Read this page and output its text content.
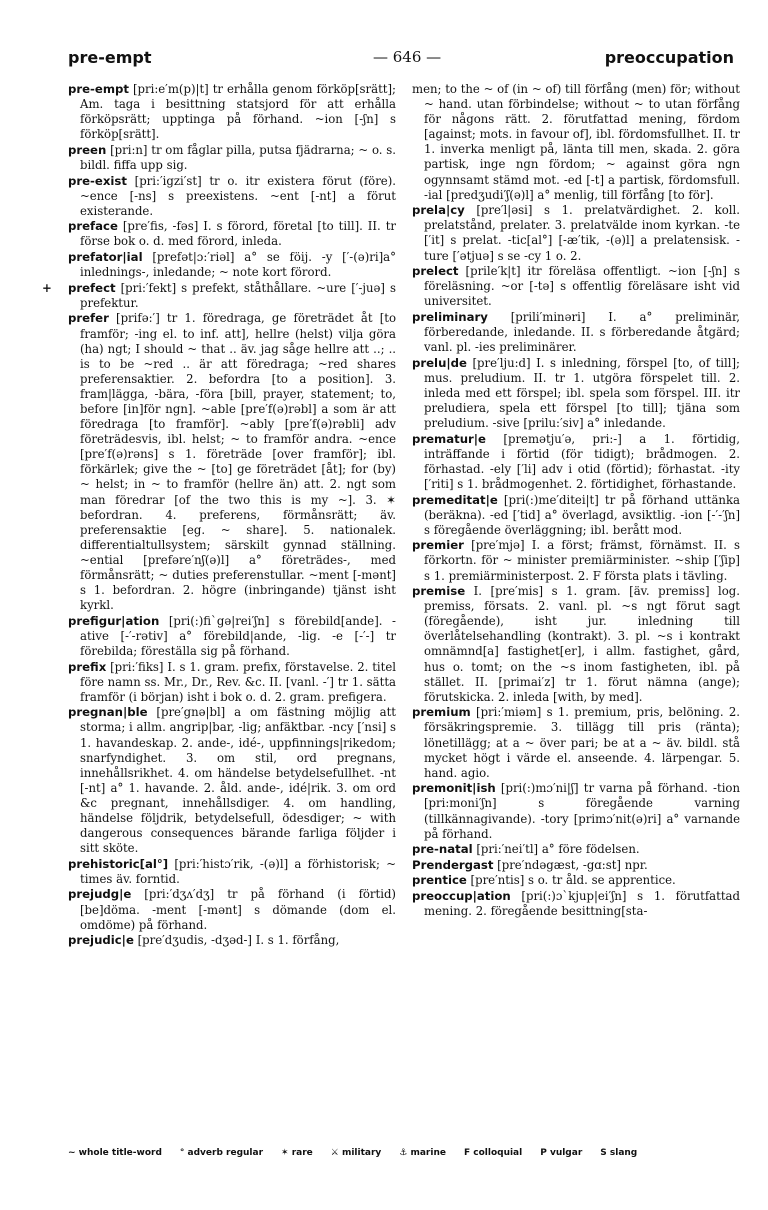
pre-empt	— 646 —	preoccupation

pre-empt [pri:e′m(p)|t] tr erhålla genom förköp[srätt]; Am. taga i besittning statsjord för att erhålla förköpsrätt; upptinga på förhand. ~ion [-ʃn] s förköp[srätt].

preen [pri:n] tr om fåglar pilla, putsa fjädrarna; ~ o. s. bildl. fiffa upp sig.

pre-exist [pri:′igzi′st] tr o. itr existera förut (före). ~ence [-ns] s preexistens. ~ent [-nt] a förut existerande.

preface [pre′fis, -fəs] I. s förord, företal [to till]. II. tr förse bok o. d. med förord, inleda.

prefator|ial [prefət|ɔ:′riəl] a° se föij. -y [′-(ə)ri]a° inlednings-, inledande; ~ note kort förord.

+ prefect [pri:′fekt] s prefekt, ståthållare. ~ure [′-juə] s prefektur.

prefer [prifə:′] tr 1. föredraga, ge företrädet åt [to framför; -ing el. to inf. att], hellre (helst) vilja göra (ha) ngt; I should ~ that .. äv. jag såge hellre att ..; .. is to be ~red .. är att föredraga; ~red shares preferensaktier. 2. befordra [to a position]. 3. fram|lägga, -bära, -föra [bill, prayer, statement; to, before [in]för ngn]. ~able [pre′f(ə)rəbl] a som är att föredraga [to framför]. ~ably [pre′f(ə)rəbli] adv företrädesvis, ibl. helst; ~ to framför andra. ~ence [pre′f(ə)rəns] s 1. företräde [over framför]; ibl. förkärlek; give the ~ [to] ge företrädet [åt]; for (by) ~ helst; in ~ to framför (hellre än) att. 2. ngt som man föredrar [of the two this is my ~]. 3. ✶ befordran. 4. preferens, förmånsrätt; äv. preferensaktie [eg. ~ share]. 5. nationalek. differentialtullsystem; särskilt gynnad ställning. ~ential [prefəre′nʃ(ə)l] a° företrädes-, med förmånsrätt; ~ duties preferenstullar. ~ment [-mənt] s 1. befordran. 2. högre (inbringande) tjänst isht kyrkl.

prefigur|ation [pri(:)fi`gə|rei′ʃn] s förebild[ande]. -ative [-′-rətiv] a° förebild|ande, -lig. -e [-′-] tr förebilda; föreställa sig på förhand.

prefix [pri:′fiks] I. s 1. gram. prefix, förstavelse. 2. titel före namn ss. Mr., Dr., Rev. &c. II. [vanl. -′] tr 1. sätta framför (i början) isht i bok o. d. 2. gram. prefigera.

pregnan|ble [pre′gnə|bl] a om fästning möjlig att storma; i allm. angrip|bar, -lig; anfäktbar. -ncy [′nsi] s 1. havandeskap. 2. ande-, idé-, uppfinnings|rikedom; snarfyndighet. 3. om stil, ord pregnans, innehållsrikhet. 4. om händelse betydelsefullhet. -nt [-nt] a° 1. havande. 2. åld. ande-, idé|rik. 3. om ord &c pregnant, innehållsdiger. 4. om handling, händelse följdrik, betydelsefull, ödesdiger; ~ with dangerous consequences bärande farliga följder i sitt sköte.

prehistoric[al°] [pri:′histɔ′rik, -(ə)l] a förhistorisk; ~ times äv. forntid.

prejudg|e [pri:′dʒʌ′dʒ] tr på förhand (i förtid) [be]döma. -ment [-mənt] s dömande (dom el. omdöme) på förhand.

prejudic|e [pre′dʒudis, -dʒəd-] I. s 1. förfång,

men; to the ~ of (in ~ of) till förfång (men) för; without ~ hand. utan förbindelse; without ~ to utan förfång för någons rätt. 2. förutfattad mening, fördom [against; mots. in favour of], ibl. fördomsfullhet. II. tr 1. inverka menligt på, länta till men, skada. 2. göra partisk, inge ngn fördom; ~ against göra ngn ogynnsamt stämd mot. -ed [-t] a partisk, fördomsfull. -ial [predʒudi′ʃ(ə)l] a° menlig, till förfång [to för].

prela|cy [pre′l|əsi] s 1. prelatvärdighet. 2. koll. prelatstånd, prelater. 3. prelatvälde inom kyrkan. -te [′it] s prelat. -tic[al°] [-æ′tik, -(ə)l] a prelatensisk. -ture [′ətjuə] s se -cy 1 o. 2.

prelect [prile′k|t] itr föreläsa offentligt. ~ion [-ʃn] s föreläsning. ~or [-tə] s offentlig föreläsare isht vid universitet.

preliminary [prili′minəri] I. a° preliminär, förberedande, inledande. II. s förberedande åtgärd; vanl. pl. -ies preliminärer.

prelu|de [pre′lju:d] I. s inledning, förspel [to, of till]; mus. preludium. II. tr 1. utgöra förspelet till. 2. inleda med ett förspel; ibl. spela som förspel. III. itr preludiera, spela ett förspel [to till]; tjäna som preludium. -sive [prilu:′siv] a° inledande.

prematur|e [premətju′ə, pri:-] a 1. förtidig, inträffande i förtid (för tidigt); brådmogen. 2. förhastad. -ely [′li] adv i otid (förtid); förhastat. -ity [′riti] s 1. brådmogenhet. 2. förtidighet, förhastande.

premeditat|e [pri(:)me′ditei|t] tr på förhand uttänka (beräkna). -ed [′tid] a° överlagd, avsiktlig. -ion [-′-′ʃn] s föregående överläggning; ibl. berått mod.

premier [pre′mjə] I. a först; främst, förnämst. II. s förkortn. för ~ minister premiärminister. ~ship [′ʃip] s 1. premiärministerpost. 2. F första plats i tävling.

premise I. [pre′mis] s 1. gram. [äv. premiss] log. premiss, försats. 2. vanl. pl. ~s ngt förut sagt (föregående), isht jur. inledning till överlåtelsehandling (kontrakt). 3. pl. ~s i kontrakt omnämnd[a] fastighet[er], i allm. fastighet, gård, hus o. tomt; on the ~s inom fastigheten, ibl. på stället. II. [primai′z] tr 1. förut nämna (ange); förutskicka. 2. inleda [with, by med].

premium [pri:′miəm] s 1. premium, pris, belöning. 2. försäkringspremie. 3. tillägg till pris (ränta); lönetillägg; at a ~ över pari; be at a ~ äv. bildl. stå mycket högt i värde el. anseende. 4. lärpengar. 5. hand. agio.

premonit|ish [pri(:)mɔ′ni|ʃ] tr varna på förhand. -tion [pri:moni′ʃn] s föregående varning (tillkännagivande). -tory [primɔ′nit(ə)ri] a° varnande på förhand.

pre-natal [pri:′nei′tl] a° före födelsen.

Prendergast [pre′ndəgæst, -gɑ:st] npr.

prentice [pre′ntis] s o. tr åld. se apprentice.

preoccup|ation [pri(:)ɔ`kjup|ei′ʃn] s 1. förutfattad mening. 2. föregående besittning[sta-

~ whole title-word ° adverb regular ✶ rare ⚔ military ⚓ marine F colloquial P vulgar S slang
